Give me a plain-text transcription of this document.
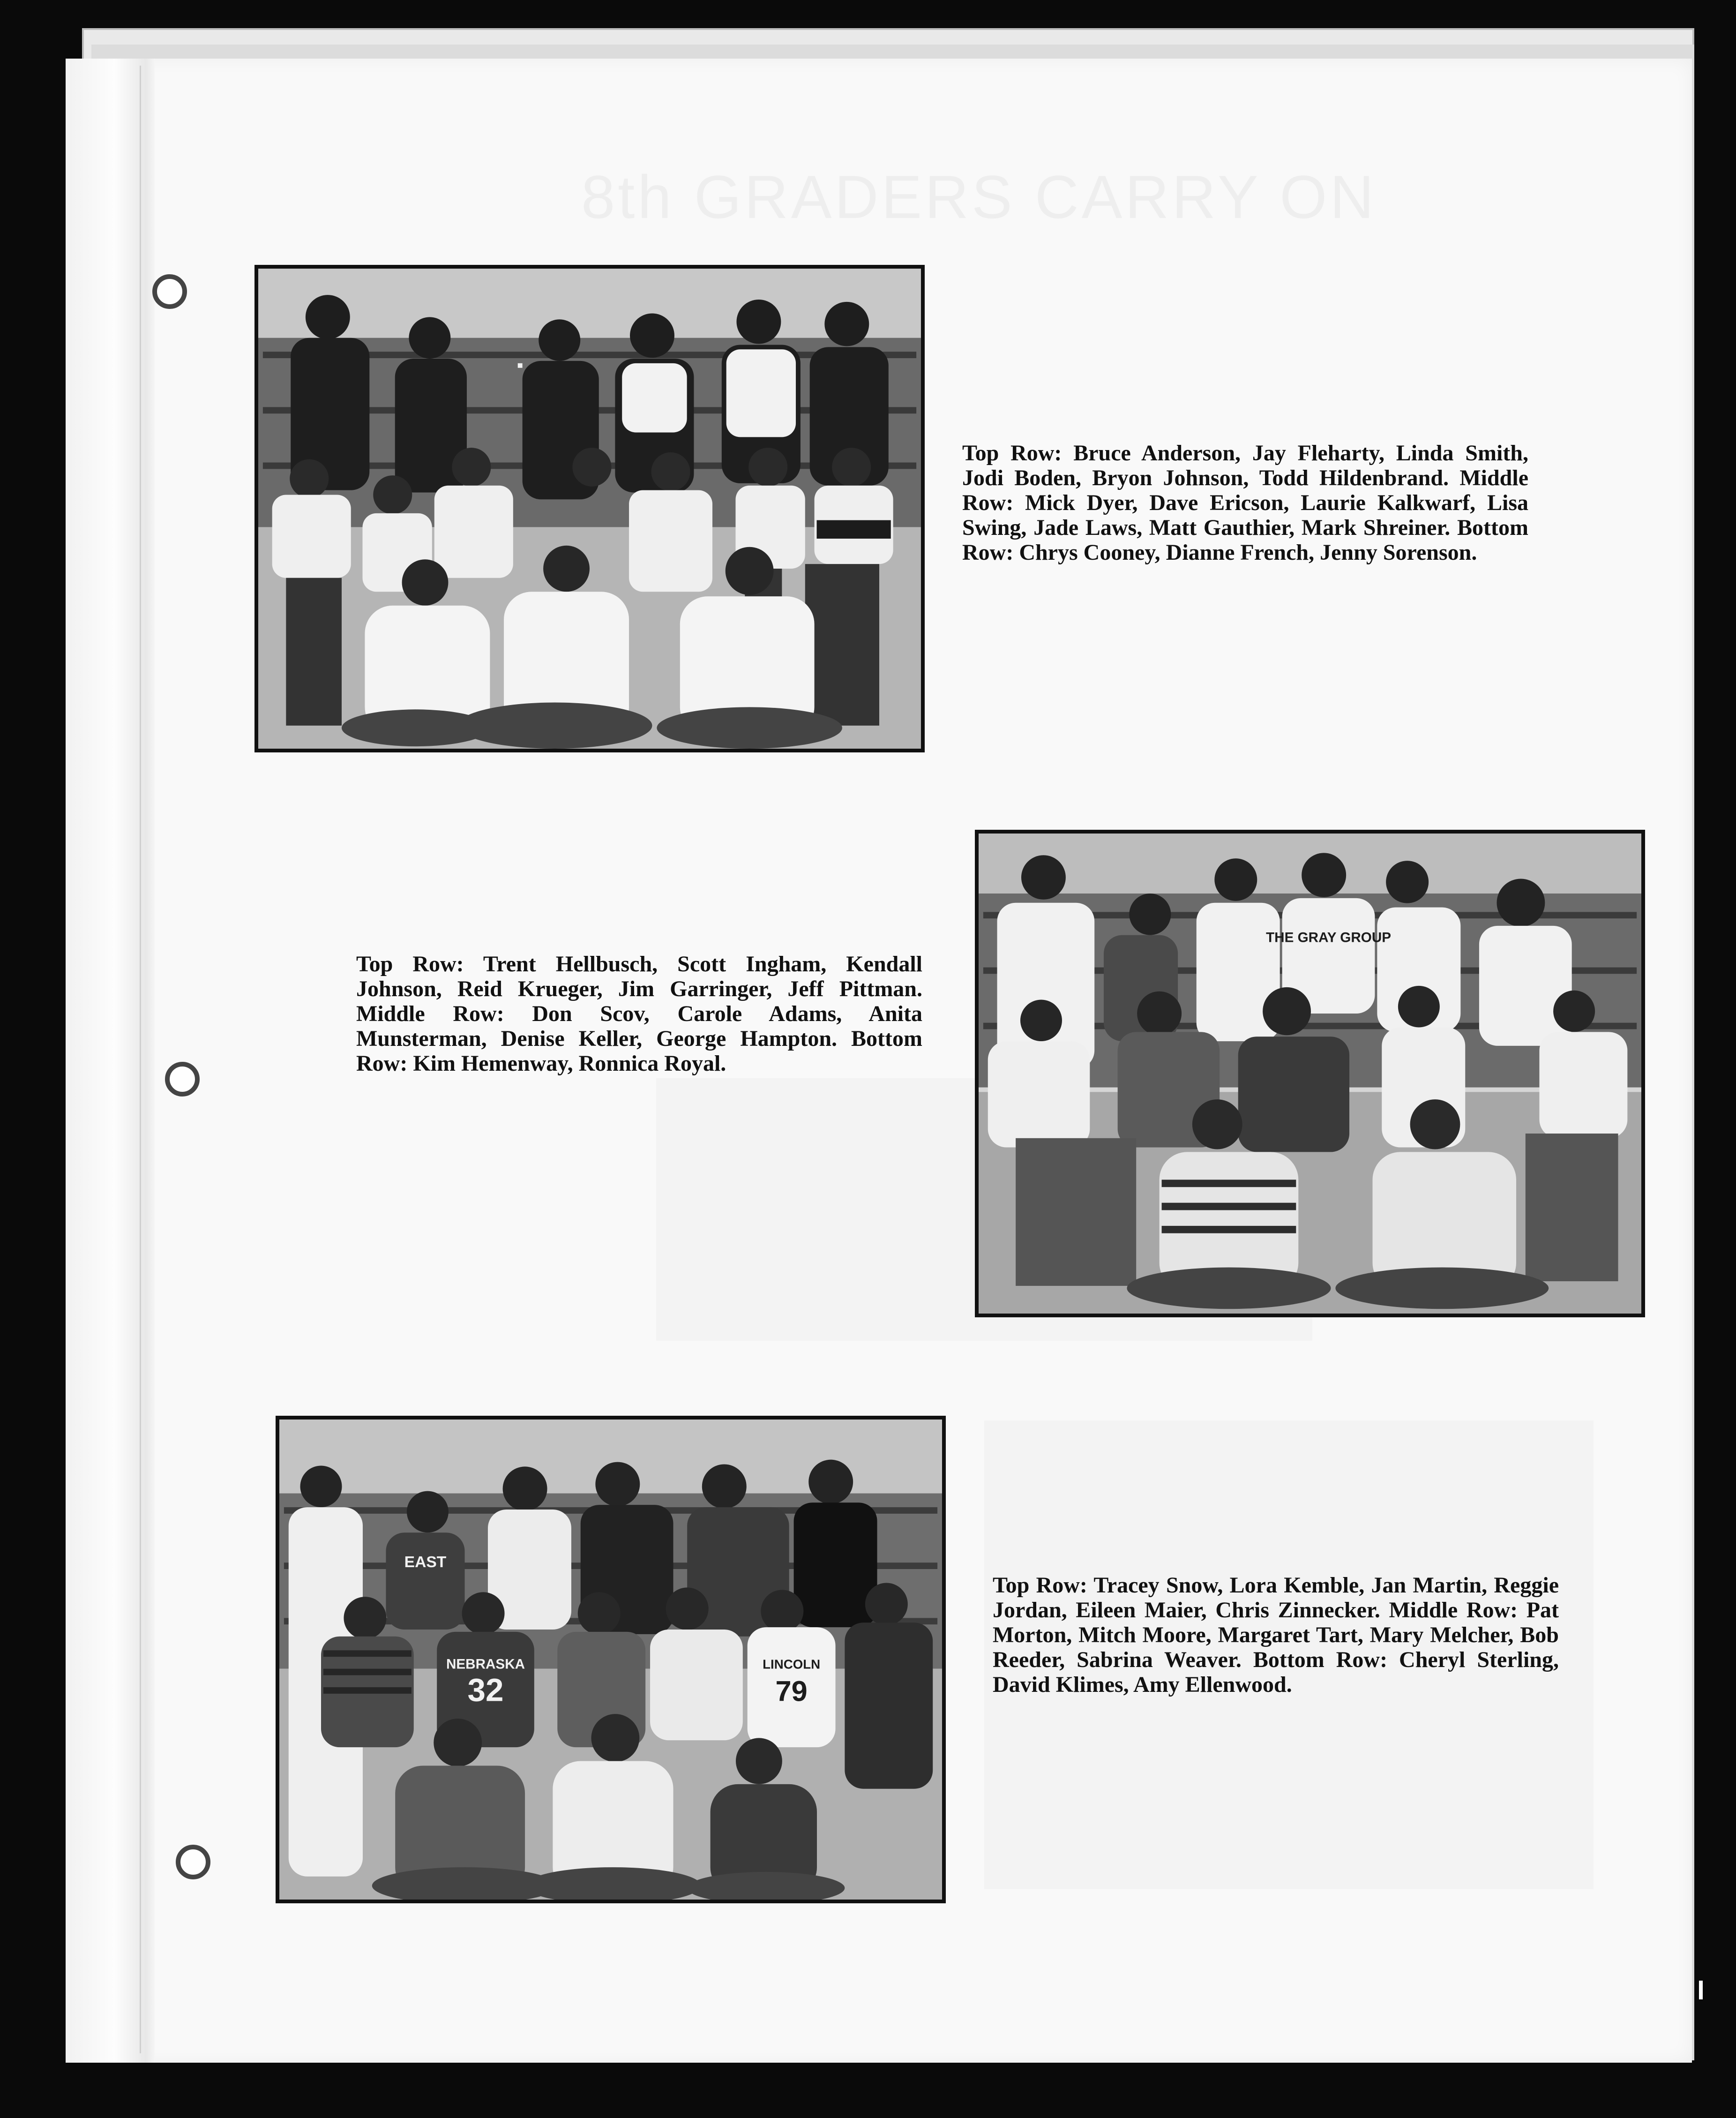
8th GRADERS CARRY ON
Top Row: Bruce Anderson, Jay Fleharty, Linda Smith, Jodi Boden, Bryon Johnson, Todd Hildenbrand. Middle Row: Mick Dyer, Dave Ericson, Laurie Kalkwarf, Lisa Swing, Jade Laws, Matt Gauthier, Mark Shreiner. Bottom Row: Chrys Cooney, Dianne French, Jenny Sorenson.
THE GRAY GROUP
Top Row: Trent Hellbusch, Scott Ingham, Kendall Johnson, Reid Krueger, Jim Garringer, Jeff Pittman. Middle Row: Don Scov, Carole Adams, Anita Munsterman, Denise Keller, George Hampton. Bottom Row: Kim Hemenway, Ronnica Royal.
EAST
NEBRASKA
32
LINCOLN
79
Top Row: Tracey Snow, Lora Kemble, Jan Martin, Reggie Jordan, Eileen Maier, Chris Zinnecker. Middle Row: Pat Morton, Mitch Moore, Margaret Tart, Mary Melcher, Bob Reeder, Sabrina Weaver. Bottom Row: Cheryl Sterling, David Klimes, Amy Ellenwood.
